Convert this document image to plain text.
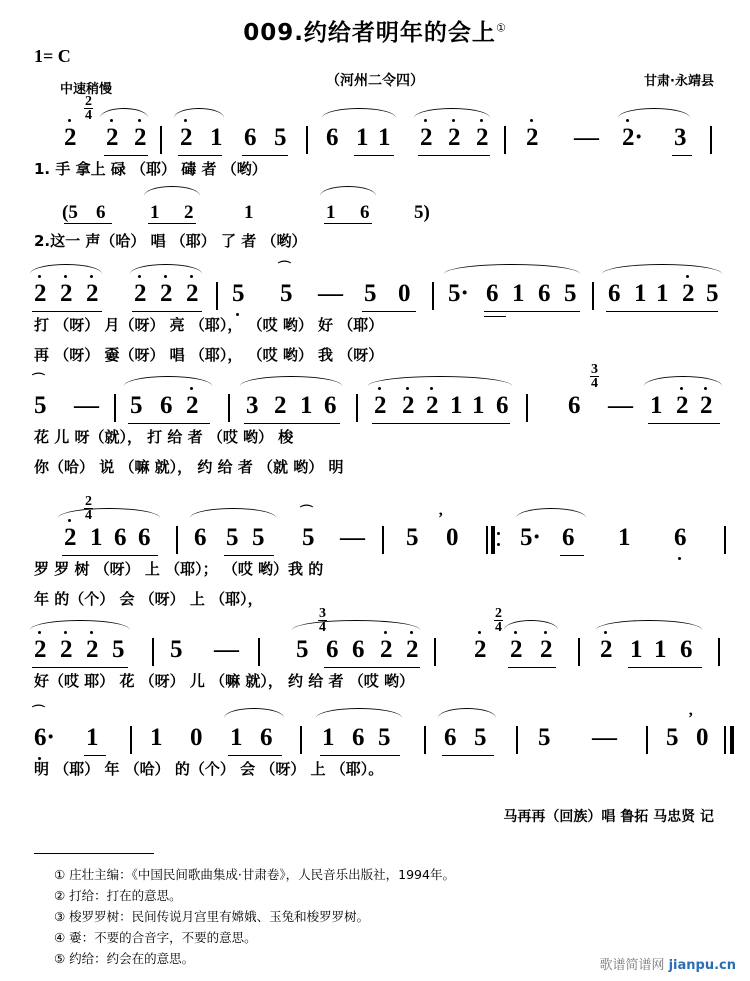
009.约给者明年的会上①
1= C
中速稍慢
（河州二令四）	甘肃·永靖县

$\frac{2}{4}$

2 2 2 2 1 6 5 6 1 1 2 2 2 2 — 2· 3
1. 手 拿上 碌 （耶） 碡 者 （哟）
(5 6 1 2	1	1 6 5)
2.这一 声（哈） 唱 （耶） 了 者 （哟）
2 2 2 2 2 2 5 5
⌒
— 5 0 5· 6 1 6 5 6 1 1 2 5
打 （呀） 月（呀） 亮 （耶）， （哎 哟） 好 （耶）
再 （呀） 嫑（呀） 唱 （耶）， （哎 哟） 我 （呀）
5
⌒
— 5 6 2 3 2 1 6 2 2 2 1 1 6

$\frac{3}{4}$

6 — 1 2 2
花 儿 呀（就）， 打 给 者 （哎 哟） 梭
你（哈） 说 （嘛 就）， 约 给 者 （就 哟） 明

$\frac{2}{4}$

2 1 6 6 6 5 5 5
⌒
— 5 0
ʼ
5· 6 1 6
罗 罗 树 （呀） 上 （耶）； （哎 哟）我 的
年 的（个） 会 （呀） 上 （耶），
2 2 2 5 5 —

$\frac{3}{4}$

5 6 6 2 2

$\frac{2}{4}$

2 2 2 2 1 1 6
好（哎 耶） 花 （呀） 儿 （嘛 就）， 约 给 者 （哎 哟）
6·
⌒
1 1 0 1 6 1 6 5 6 5 5 — 5 0
ʼ
明 （耶） 年 （哈） 的（个） 会 （呀） 上 （耶）。
马再再（回族）唱 鲁拓 马忠贤 记
① 庄壮主编：《中国民间歌曲集成·甘肃卷》，人民音乐出版社，1994年。
② 打给：打在的意思。
③ 梭罗罗树：民间传说月宫里有嫦娥、玉兔和梭罗罗树。
④ 嫑：不要的合音字，不要的意思。
⑤ 约给：约会在的意思。	歌谱简谱网 jianpu.cn
